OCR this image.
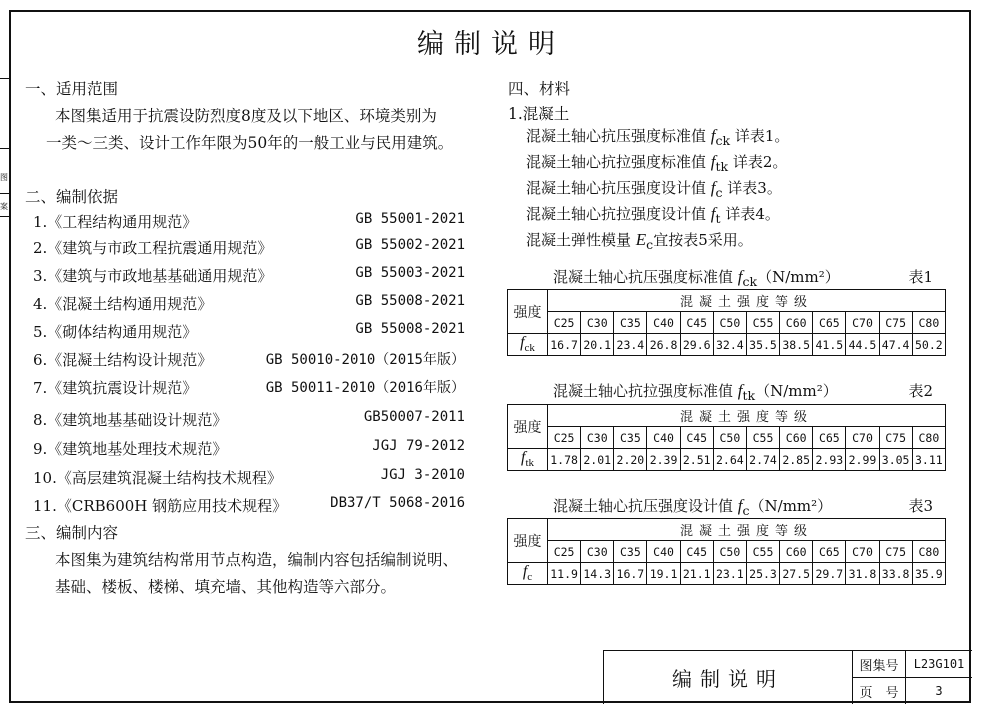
图
案
编制说明
一、适用范围
本图集适用于抗震设防烈度8度及以下地区、环境类别为
一类～三类、设计工作年限为50年的一般工业与民用建筑。
二、编制依据
1.《工程结构通用规范》	GB 55001-2021
2.《建筑与市政工程抗震通用规范》	GB 55002-2021
3.《建筑与市政地基基础通用规范》	GB 55003-2021
4.《混凝土结构通用规范》	GB 55008-2021
5.《砌体结构通用规范》	GB 55008-2021
6.《混凝土结构设计规范》	GB 50010-2010（2015年版）
7.《建筑抗震设计规范》	GB 50011-2010（2016年版）
8.《建筑地基基础设计规范》	GB50007-2011
9.《建筑地基处理技术规范》	JGJ 79-2012
10.《高层建筑混凝土结构技术规程》	JGJ 3-2010
11.《CRB600H 钢筋应用技术规程》	DB37/T 5068-2016
三、编制内容
本图集为建筑结构常用节点构造，编制内容包括编制说明、
基础、楼板、楼梯、填充墙、其他构造等六部分。
四、材料
1.混凝土
混凝土轴心抗压强度标准值 $f_{ck}$ 详表1。
混凝土轴心抗拉强度标准值 $f_{tk}$ 详表2。
混凝土轴心抗压强度设计值 $f_c$ 详表3。
混凝土轴心抗拉强度设计值 $f_t$ 详表4。
混凝土弹性模量 $E_c$宜按表5采用。
混凝土轴心抗压强度标准值 $f_{ck}(N/mm^2)$	表1
强度	混凝土强度等级											
	C25	C30	C35	C40	C45	C50	C55	C60	C65	C70	C75	C80
$f_{ck}$	16.7	20.1	23.4	26.8	29.6	32.4	35.5	38.5	41.5	44.5	47.4	50.2
混凝土轴心抗拉强度标准值 $f_{tk}(N/mm^2)$	表2
强度	混凝土强度等级											
	C25	C30	C35	C40	C45	C50	C55	C60	C65	C70	C75	C80
$f_{tk}$	1.78	2.01	2.20	2.39	2.51	2.64	2.74	2.85	2.93	2.99	3.05	3.11
混凝土轴心抗压强度设计值 $f_c(N/mm^2)$	表3
强度	混凝土强度等级											
	C25	C30	C35	C40	C45	C50	C55	C60	C65	C70	C75	C80
$f_c$	11.9	14.3	16.7	19.1	21.1	23.1	25.3	27.5	29.7	31.8	33.8	35.9
编制说明
图集号	L23G101
页　号	3
